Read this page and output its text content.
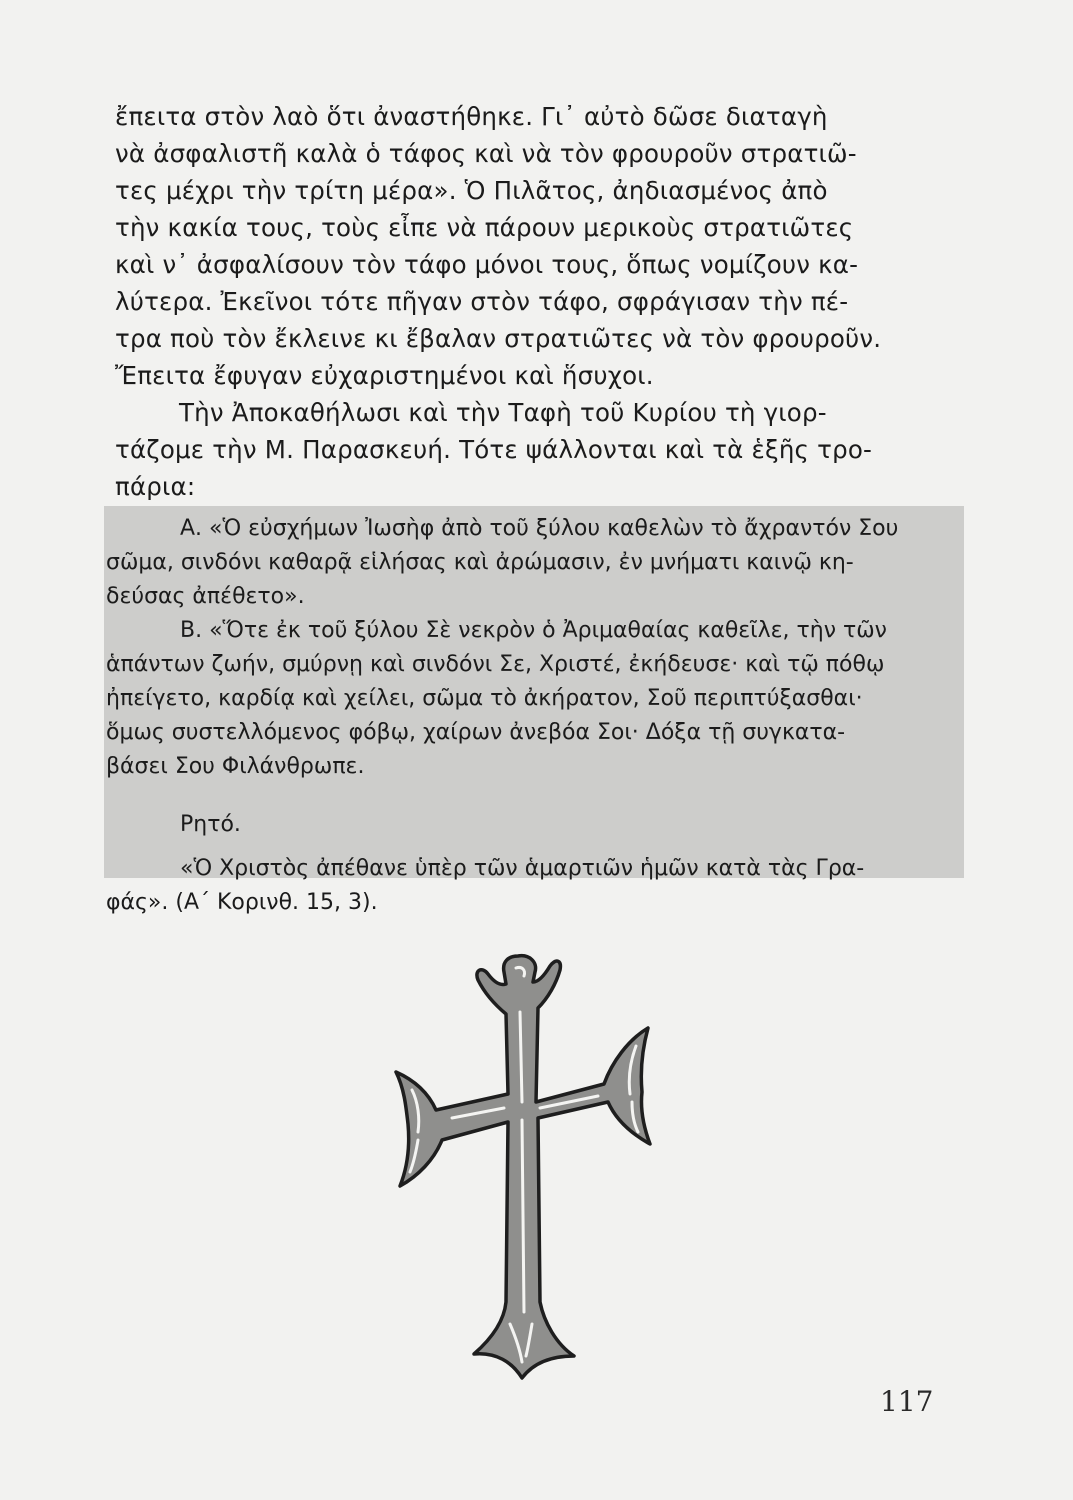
ἔπειτα στὸν λαὸ ὅτι ἀναστήθηκε. Γι᾽ αὐτὸ δῶσε διαταγὴ
νὰ ἀσφαλιστῆ καλὰ ὁ τάφος καὶ νὰ τὸν φρουροῦν στρατιῶ-
τες μέχρι τὴν τρίτη μέρα». Ὁ Πιλᾶτος, ἀηδιασμένος ἀπὸ
τὴν κακία τους, τοὺς εἶπε νὰ πάρουν μερικοὺς στρατιῶτες
καὶ ν᾽ ἀσφαλίσουν τὸν τάφο μόνοι τους, ὅπως νομίζουν κα-
λύτερα. Ἐκεῖνοι τότε πῆγαν στὸν τάφο, σφράγισαν τὴν πέ-
τρα ποὺ τὸν ἔκλεινε κι ἔβαλαν στρατιῶτες νὰ τὸν φρουροῦν.
Ἔπειτα ἔφυγαν εὐχαριστημένοι καὶ ἥσυχοι.
Τὴν Ἀποκαθήλωσι καὶ τὴν Ταφὴ τοῦ Κυρίου τὴ γιορ-
τάζομε τὴν Μ. Παρασκευή. Τότε ψάλλονται καὶ τὰ ἑξῆς τρο-
πάρια:
Α. «Ὁ εὐσχήμων Ἰωσὴφ ἀπὸ τοῦ ξύλου καθελὼν τὸ ἄχραντόν Σου
σῶμα, σινδόνι καθαρᾷ εἱλήσας καὶ ἀρώμασιν, ἐν μνήματι καινῷ κη-
δεύσας ἀπέθετο».
Β. «Ὅτε ἐκ τοῦ ξύλου Σὲ νεκρὸν ὁ Ἀριμαθαίας καθεῖλε, τὴν τῶν
ἁπάντων ζωήν, σμύρνῃ καὶ σινδόνι Σε, Χριστέ, ἐκήδευσε· καὶ τῷ πόθῳ
ἠπείγετο, καρδίᾳ καὶ χείλει, σῶμα τὸ ἀκήρατον, Σοῦ περιπτύξασθαι·
ὅμως συστελλόμενος φόβῳ, χαίρων ἀνεβόα Σοι· Δόξα τῇ συγκατα-
βάσει Σου Φιλάνθρωπε.
Ρητό.
«Ὁ Χριστὸς ἀπέθανε ὑπὲρ τῶν ἁμαρτιῶν ἡμῶν κατὰ τὰς Γρα-
φάς». (Α΄ Κορινθ. 15, 3).
117
